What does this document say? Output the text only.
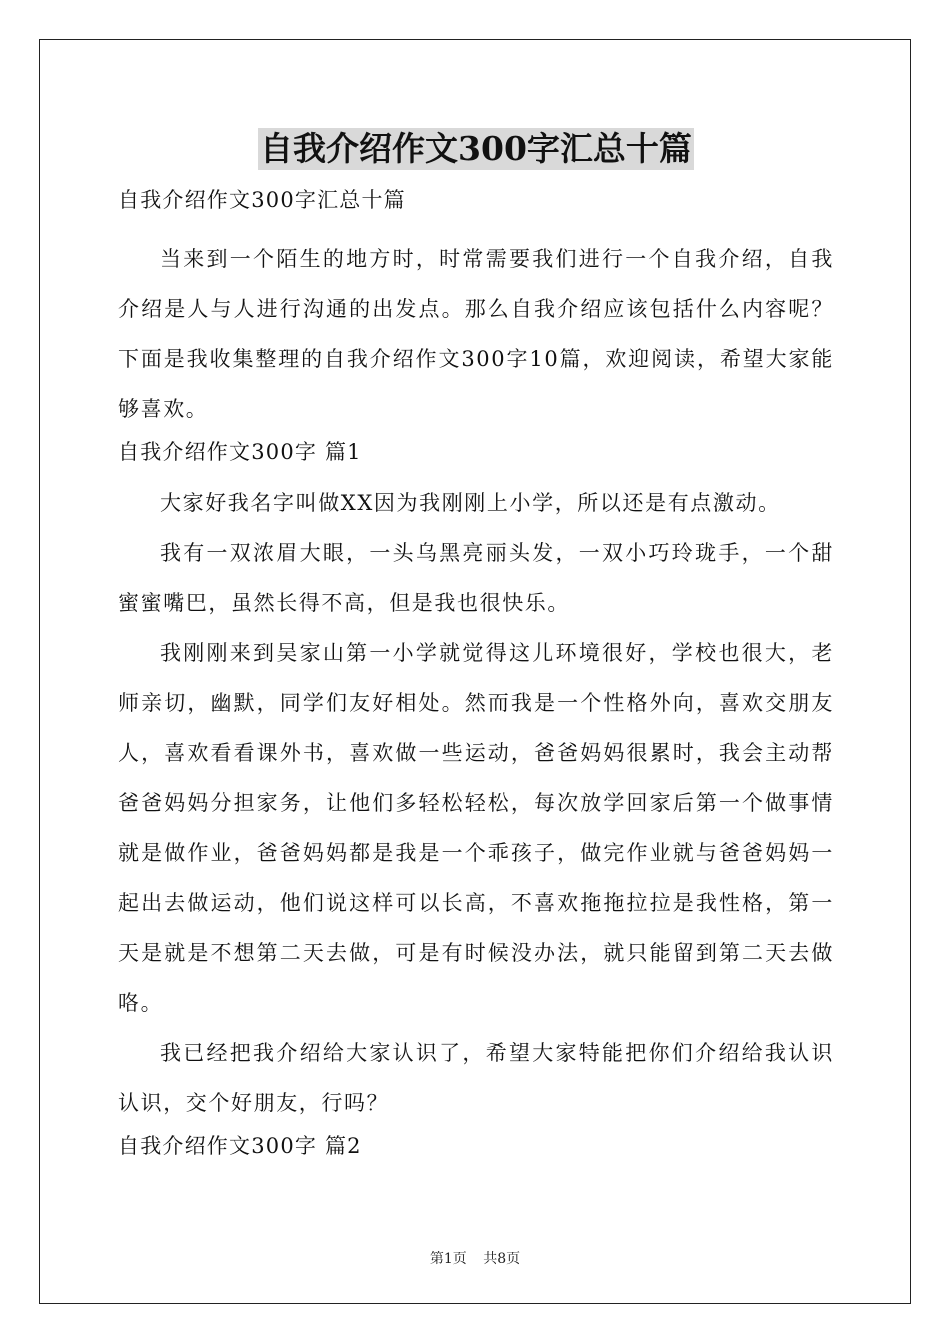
自我介绍作文300字汇总十篇

自我介绍作文300字汇总十篇

当来到一个陌生的地方时，时常需要我们进行一个自我介绍，自我介绍是人与人进行沟通的出发点。那么自我介绍应该包括什么内容呢？下面是我收集整理的自我介绍作文300字10篇，欢迎阅读，希望大家能够喜欢。

自我介绍作文300字 篇1

大家好我名字叫做XX因为我刚刚上小学，所以还是有点激动。

我有一双浓眉大眼，一头乌黑亮丽头发，一双小巧玲珑手，一个甜蜜蜜嘴巴，虽然长得不高，但是我也很快乐。

我刚刚来到吴家山第一小学就觉得这儿环境很好，学校也很大，老师亲切，幽默，同学们友好相处。然而我是一个性格外向，喜欢交朋友人，喜欢看看课外书，喜欢做一些运动，爸爸妈妈很累时，我会主动帮爸爸妈妈分担家务，让他们多轻松轻松，每次放学回家后第一个做事情就是做作业，爸爸妈妈都是我是一个乖孩子，做完作业就与爸爸妈妈一起出去做运动，他们说这样可以长高，不喜欢拖拖拉拉是我性格，第一天是就是不想第二天去做，可是有时候没办法，就只能留到第二天去做咯。

我已经把我介绍给大家认识了，希望大家特能把你们介绍给我认识认识，交个好朋友，行吗？

自我介绍作文300字 篇2

第1页 共8页
